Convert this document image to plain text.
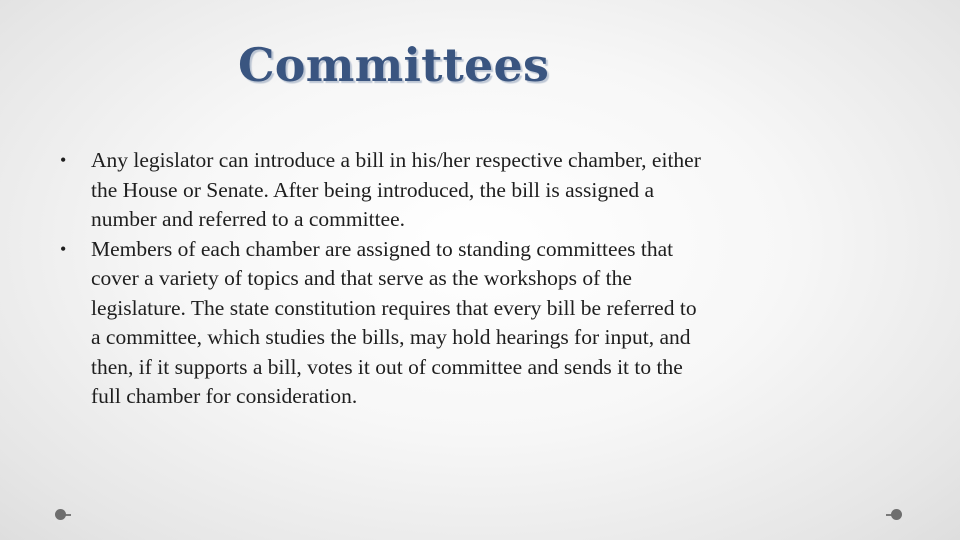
Committees
•	Any legislator can introduce a bill in his/her respective chamber, either the House or Senate. After being introduced, the bill is assigned a number and referred to a committee.
•	Members of each chamber are assigned to standing committees that cover a variety of topics and that serve as the workshops of the legislature. The state constitution requires that every bill be referred to a committee, which studies the bills, may hold hearings for input, and then, if it supports a bill, votes it out of committee and sends it to the full chamber for consideration.
